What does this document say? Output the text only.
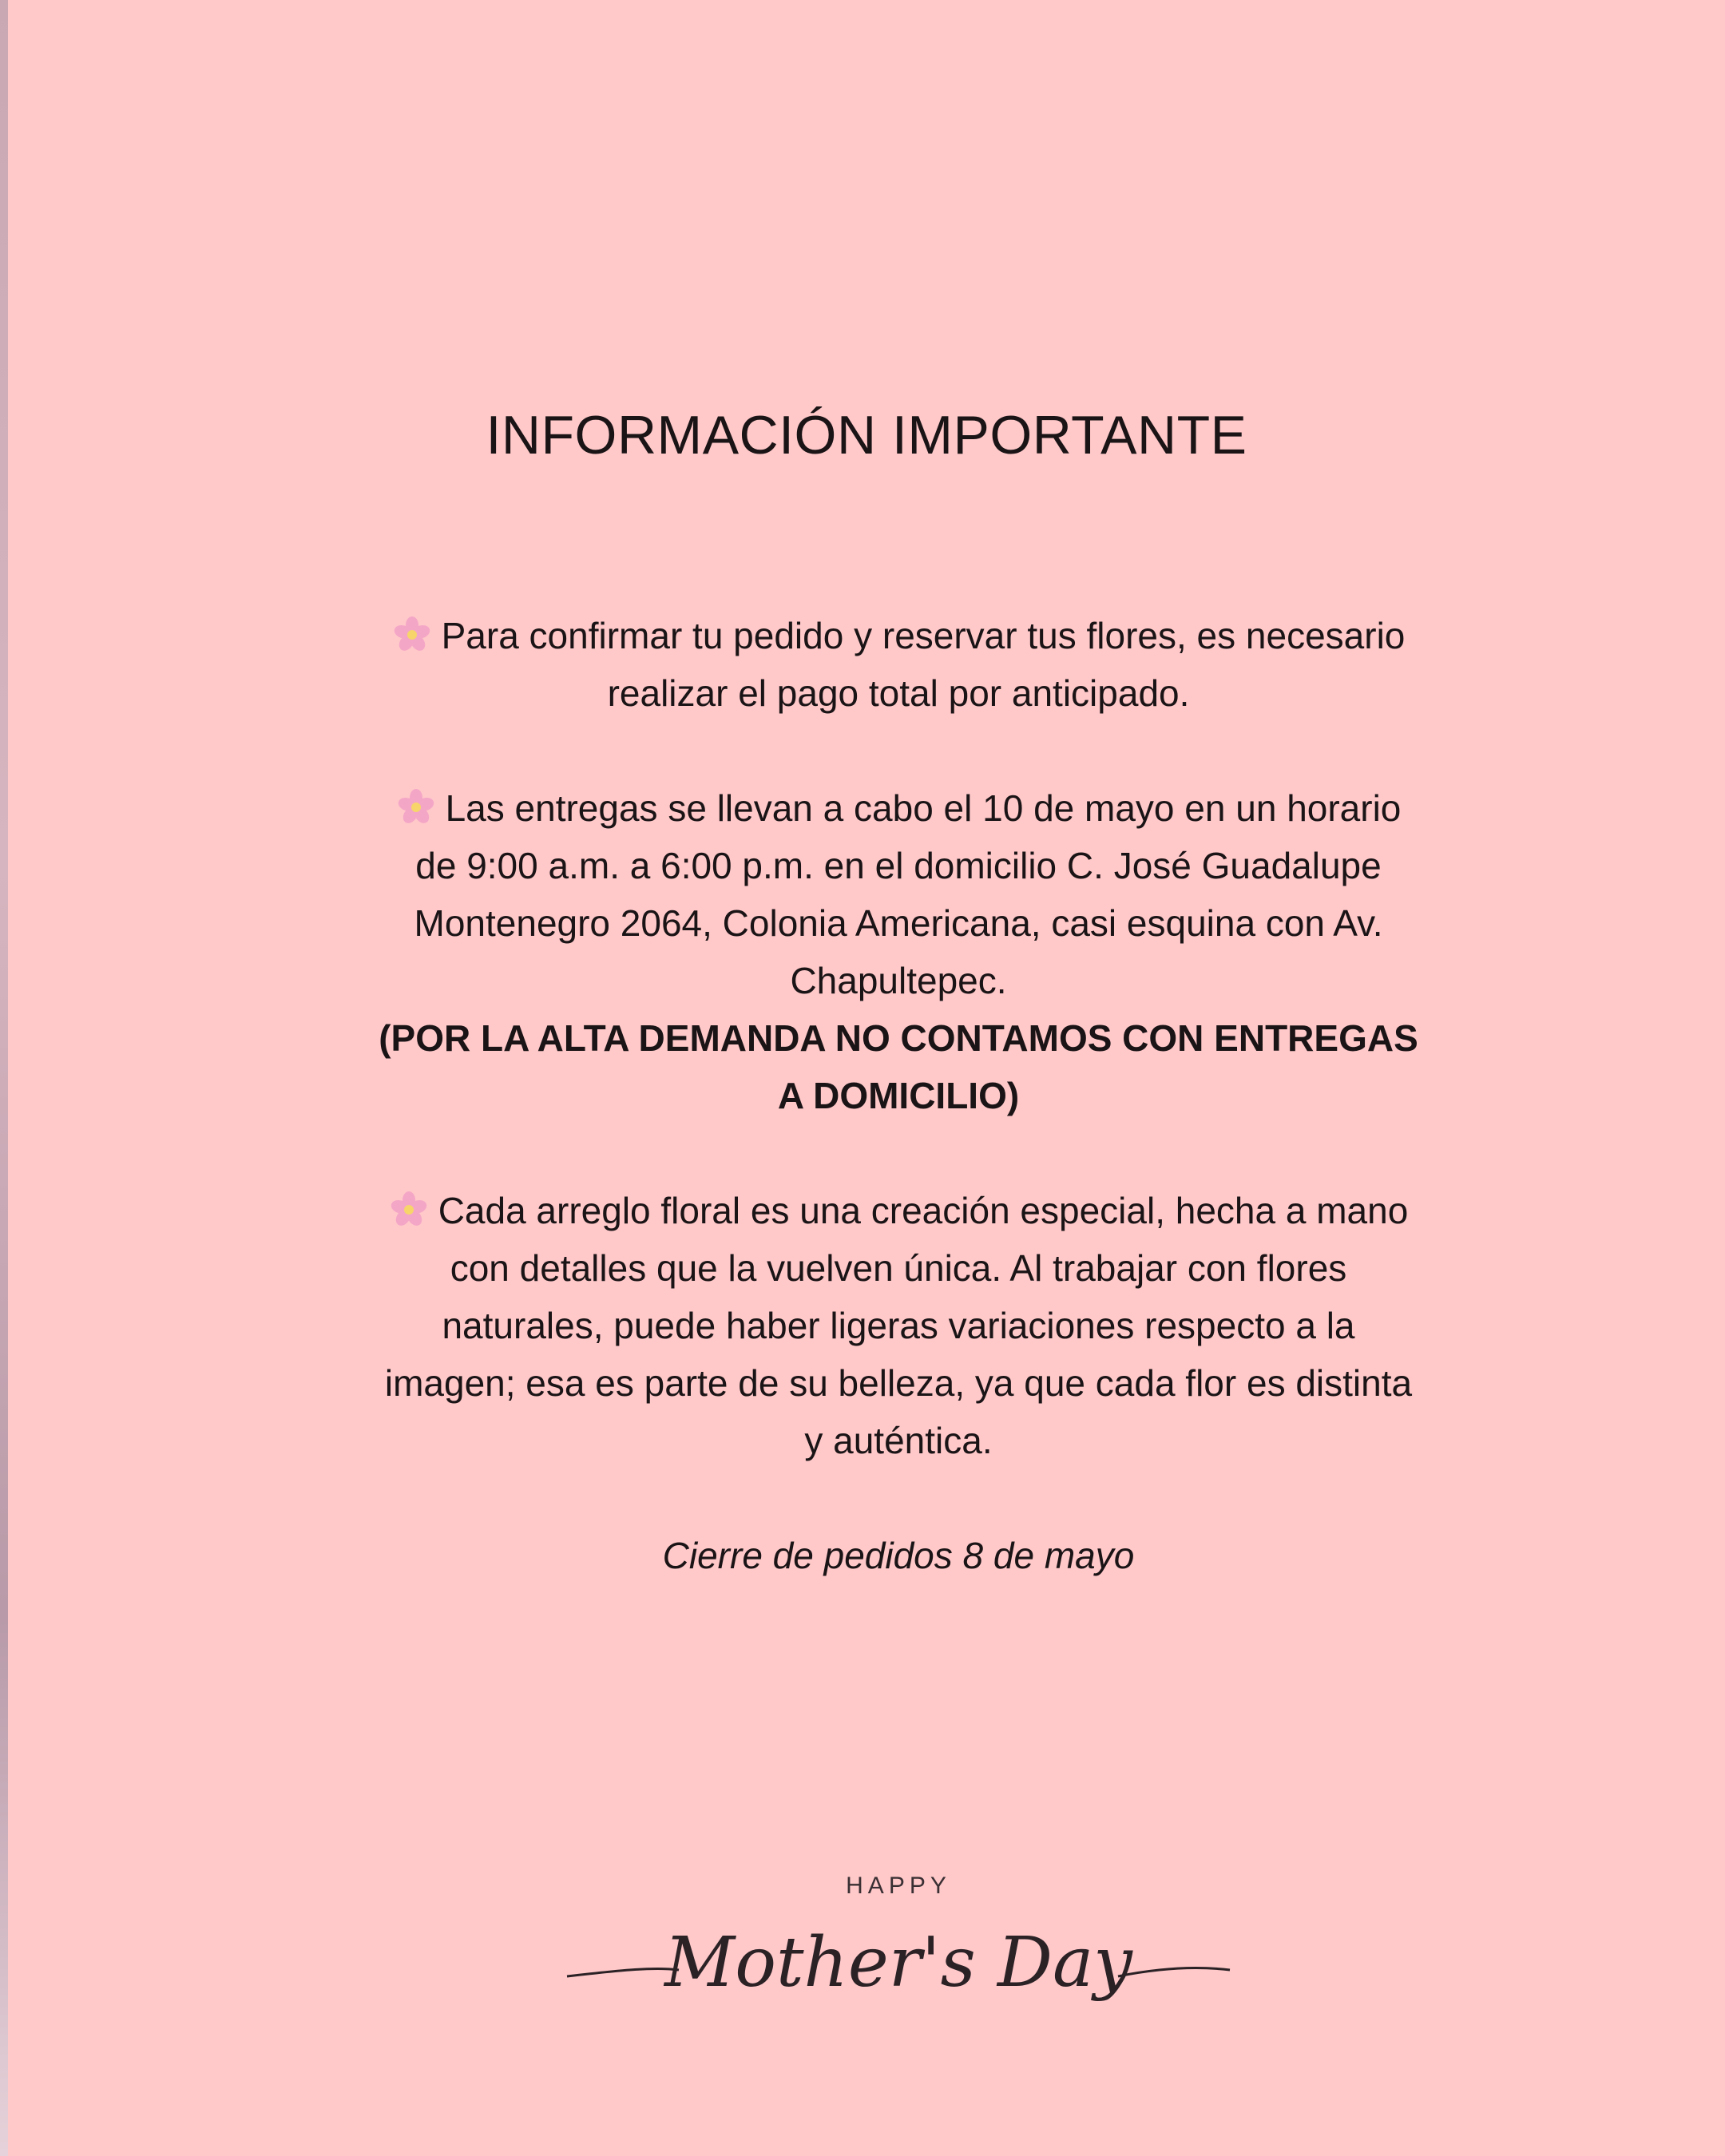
INFORMACIÓN IMPORTANTE

Para confirmar tu pedido y reservar tus flores, es necesario realizar el pago total por anticipado.

Las entregas se llevan a cabo el 10 de mayo en un horario de 9:00 a.m. a 6:00 p.m. en el domicilio C. José Guadalupe Montenegro 2064, Colonia Americana, casi esquina con Av. Chapultepec.

(POR LA ALTA DEMANDA NO CONTAMOS CON ENTREGAS A DOMICILIO)

Cada arreglo floral es una creación especial, hecha a mano con detalles que la vuelven única. Al trabajar con flores naturales, puede haber ligeras variaciones respecto a la imagen; esa es parte de su belleza, ya que cada flor es distinta y auténtica.

Cierre de pedidos 8 de mayo
HAPPY
Mother's Day
